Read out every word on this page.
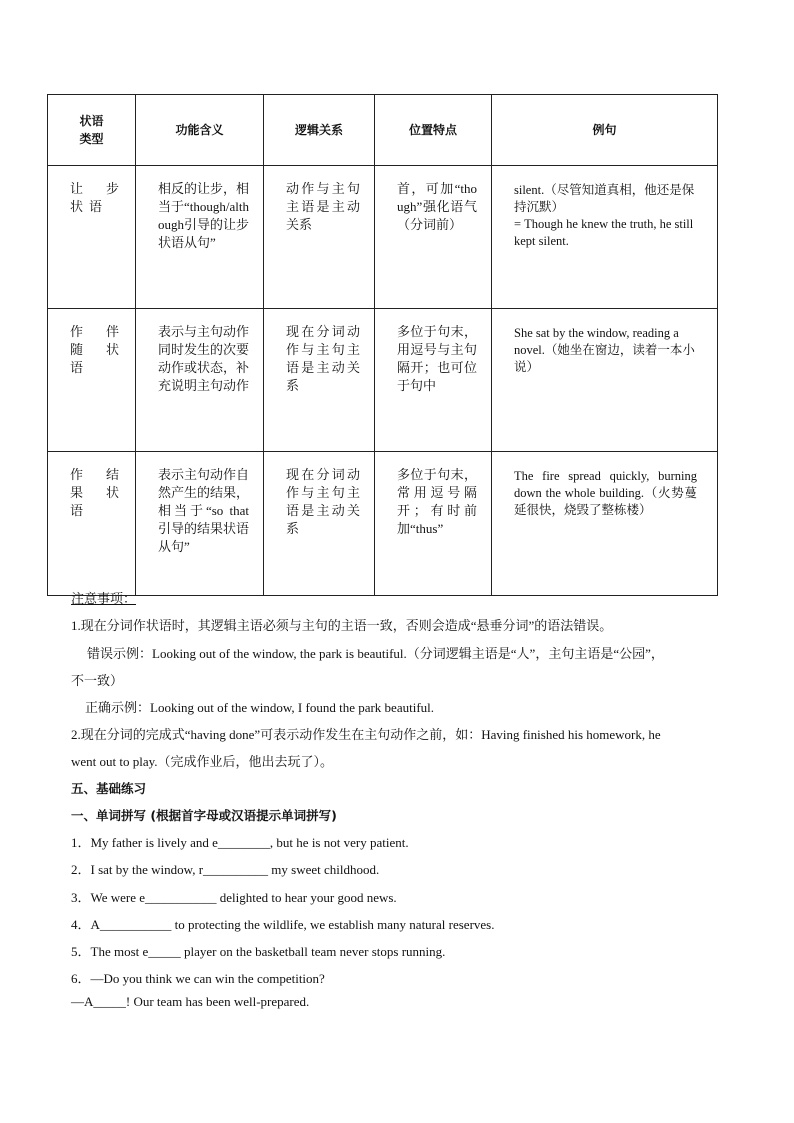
状语
类型	功能含义	逻辑关系	位置特点	例句
让步状语	相反的让步，相当于“though/although引导的让步状语从句”	动作与主句主语是主动关系	首，可加“though”强化语气（分词前）	silent.（尽管知道真相，他还是保持沉默）
= Though he knew the truth, he still kept silent.
作伴随状语	表示与主句动作同时发生的次要动作或状态，补充说明主句动作	现在分词动作与主句主语是主动关系	多位于句末，用逗号与主句隔开；也可位于句中	She sat by the window, reading a novel.（她坐在窗边，读着一本小说）
作结果状语	表示主句动作自然产生的结果，相当于“so that引导的结果状语从句”	现在分词动作与主句主语是主动关系	多位于句末，常用逗号隔开；有时前加“thus”	The fire spread quickly, burning down the whole building.（火势蔓延很快，烧毁了整栋楼）
注意事项：
1.现在分词作状语时，其逻辑主语必须与主句的主语一致，否则会造成“悬垂分词”的语法错误。
错误示例：Looking out of the window, the park is beautiful.（分词逻辑主语是“人”，主句主语是“公园”，
不一致）
正确示例：Looking out of the window, I found the park beautiful.
2.现在分词的完成式“having done”可表示动作发生在主句动作之前，如：Having finished his homework, he
went out to play.（完成作业后，他出去玩了）。
五、基础练习
一、单词拼写 (根据首字母或汉语提示单词拼写)
1．My father is lively and e________, but he is not very patient.
2．I sat by the window, r__________ my sweet childhood.
3．We were e___________ delighted to hear your good news.
4．A___________ to protecting the wildlife, we establish many natural reserves.
5．The most e_____ player on the basketball team never stops running.
6．—Do you think we can win the competition?
—A_____! Our team has been well-prepared.
